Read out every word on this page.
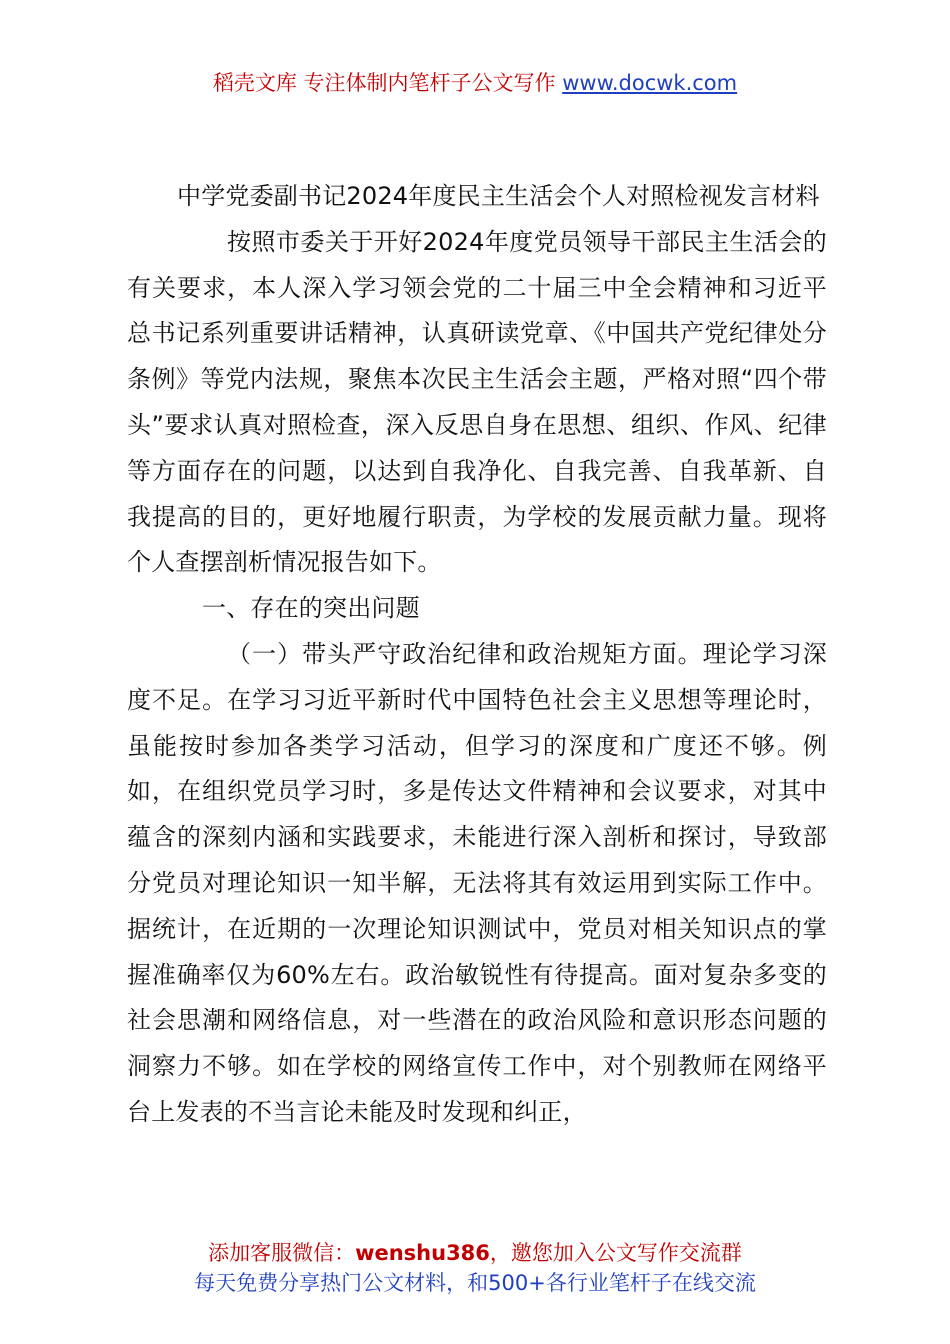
稻壳文库 专注体制内笔杆子公文写作 www.docwk.com

中学党委副书记2024年度民主生活会个人对照检视发言材料

按照市委关于开好2024年度党员领导干部民主生活会的有关要求，本人深入学习领会党的二十届三中全会精神和习近平总书记系列重要讲话精神，认真研读党章、《中国共产党纪律处分条例》等党内法规，聚焦本次民主生活会主题，严格对照“四个带头”要求认真对照检查，深入反思自身在思想、组织、作风、纪律等方面存在的问题，以达到自我净化、自我完善、自我革新、自我提高的目的，更好地履行职责，为学校的发展贡献力量。现将个人查摆剖析情况报告如下。

一、存在的突出问题

（一）带头严守政治纪律和政治规矩方面。理论学习深度不足。在学习习近平新时代中国特色社会主义思想等理论时，虽能按时参加各类学习活动，但学习的深度和广度还不够。例如，在组织党员学习时，多是传达文件精神和会议要求，对其中蕴含的深刻内涵和实践要求，未能进行深入剖析和探讨，导致部分党员对理论知识一知半解，无法将其有效运用到实际工作中。据统计，在近期的一次理论知识测试中，党员对相关知识点的掌握准确率仅为60%左右。政治敏锐性有待提高。面对复杂多变的社会思潮和网络信息，对一些潜在的政治风险和意识形态问题的洞察力不够。如在学校的网络宣传工作中，对个别教师在网络平台上发表的不当言论未能及时发现和纠正，

添加客服微信：wenshu386，邀您加入公文写作交流群
每天免费分享热门公文材料，和500+各行业笔杆子在线交流
